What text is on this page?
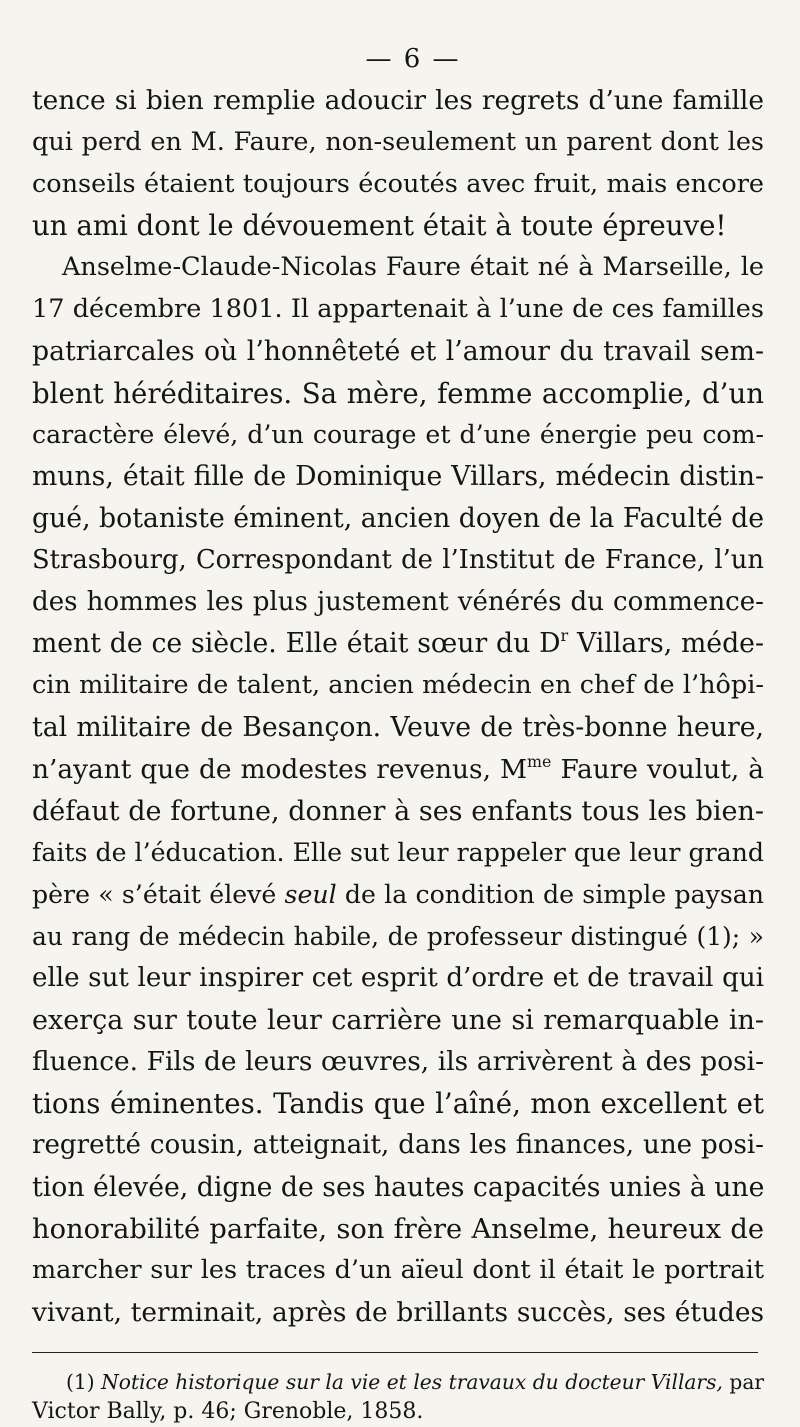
— 6 —
tence si bien remplie adoucir les regrets d’une famille
qui perd en M. Faure, non-seulement un parent dont les
conseils étaient toujours écoutés avec fruit, mais encore
un ami dont le dévouement était à toute épreuve!
Anselme-Claude-Nicolas Faure était né à Marseille, le
17 décembre 1801. Il appartenait à l’une de ces familles
patriarcales où l’honnêteté et l’amour du travail sem-
blent héréditaires. Sa mère, femme accomplie, d’un
caractère élevé, d’un courage et d’une énergie peu com-
muns, était fille de Dominique Villars, médecin distin-
gué, botaniste éminent, ancien doyen de la Faculté de
Strasbourg, Correspondant de l’Institut de France, l’un
des hommes les plus justement vénérés du commence-
ment de ce siècle. Elle était sœur du $D^r$ Villars, méde-
cin militaire de talent, ancien médecin en chef de l’hôpi-
tal militaire de Besançon. Veuve de très-bonne heure,
n’ayant que de modestes revenus, $M^{me}$ Faure voulut, à
défaut de fortune, donner à ses enfants tous les bien-
faits de l’éducation. Elle sut leur rappeler que leur grand
père « s’était élevé seul de la condition de simple paysan
au rang de médecin habile, de professeur distingué (1); »
elle sut leur inspirer cet esprit d’ordre et de travail qui
exerça sur toute leur carrière une si remarquable in-
fluence. Fils de leurs œuvres, ils arrivèrent à des posi-
tions éminentes. Tandis que l’aîné, mon excellent et
regretté cousin, atteignait, dans les finances, une posi-
tion élevée, digne de ses hautes capacités unies à une
honorabilité parfaite, son frère Anselme, heureux de
marcher sur les traces d’un aïeul dont il était le portrait
vivant, terminait, après de brillants succès, ses études
(1) Notice historique sur la vie et les travaux du docteur Villars, par
Victor Bally, p. 46; Grenoble, 1858.
